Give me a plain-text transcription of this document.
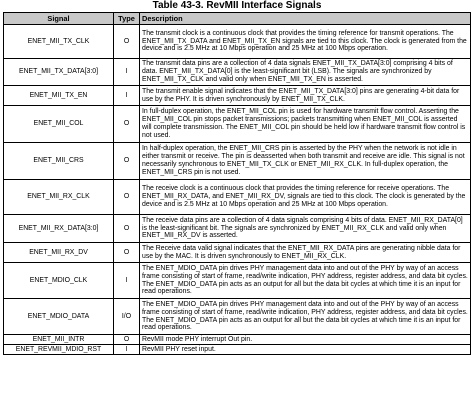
Table 43-3. RevMII Interface Signals
Signal	Type	Description
ENET_MII_TX_CLK	O	The transmit clock is a continuous clock that provides the timing reference for transmit operations. The ENET_MII_TX_DATA and ENET_MII_TX_EN signals are tied to this clock. The clock is generated from the device and is 2.5 MHz at 10 Mbps operation and 25 MHz at 100 Mbps operation.
ENET_MII_TX_DATA[3:0]	I	The transmit data pins are a collection of 4 data signals ENET_MII_TX_DATA[3:0] comprising 4 bits of data. ENET_MII_TX_DATA[0] is the least-significant bit (LSB). The signals are synchronized by ENET_MII_TX_CLK and valid only when ENET_MII_TX_EN is asserted.
ENET_MII_TX_EN	I	The transmit enable signal indicates that the ENET_MII_TX_DATA[3:0] pins are generating 4-bit data for use by the PHY. It is driven synchronously by ENET_MII_TX_CLK.
ENET_MII_COL	O	In full-duplex operation, the ENET_MII_COL pin is used for hardware transmit flow control. Asserting the ENET_MII_COL pin stops packet transmissions; packets transmitting when ENET_MII_COL is asserted will complete transmission. The ENET_MII_COL pin should be held low if hardware transmit flow control is not used.
ENET_MII_CRS	O	In half-duplex operation, the ENET_MII_CRS pin is asserted by the PHY when the network is not idle in either transmit or receive. The pin is deasserted when both transmit and receive are idle. This signal is not necessarily synchronous to ENET_MII_TX_CLK or ENET_MII_RX_CLK. In full-duplex operation, the ENET_MII_CRS pin is not used.
ENET_MII_RX_CLK	O	The receive clock is a continuous clock that provides the timing reference for receive operations. The ENET_MII_RX_DATA, and ENET_MII_RX_DV, signals are tied to this clock. The clock is generated by the device and is 2.5 MHz at 10 Mbps operation and 25 MHz at 100 Mbps operation.
ENET_MII_RX_DATA[3:0]	O	The receive data pins are a collection of 4 data signals comprising 4 bits of data. ENET_MII_RX_DATA[0] is the least-significant bit. The signals are synchronized by ENET_MII_RX_CLK and valid only when ENET_MII_RX_DV is asserted.
ENET_MII_RX_DV	O	The Receive data valid signal indicates that the ENET_MII_RX_DATA pins are generating nibble data for use by the MAC. It is driven synchronously to ENET_MII_RX_CLK.
ENET_MDIO_CLK	I	The ENET_MDIO_DATA pin drives PHY management data into and out of the PHY by way of an access frame consisting of start of frame, read/write indication, PHY address, register address, and data bit cycles. The ENET_MDIO_DATA pin acts as an output for all but the data bit cycles at which time it is an input for read operations.
ENET_MDIO_DATA	I/O	The ENET_MDIO_DATA pin drives PHY management data into and out of the PHY by way of an access frame consisting of start of frame, read/write indication, PHY address, register address, and data bit cycles. The ENET_MDIO_DATA pin acts as an output for all but the data bit cycles at which time it is an input for read operations.
ENET_MII_INTR	O	RevMII mode PHY interrupt Out pin.
ENET_REVMII_MDIO_RST	I	RevMII PHY reset input.
